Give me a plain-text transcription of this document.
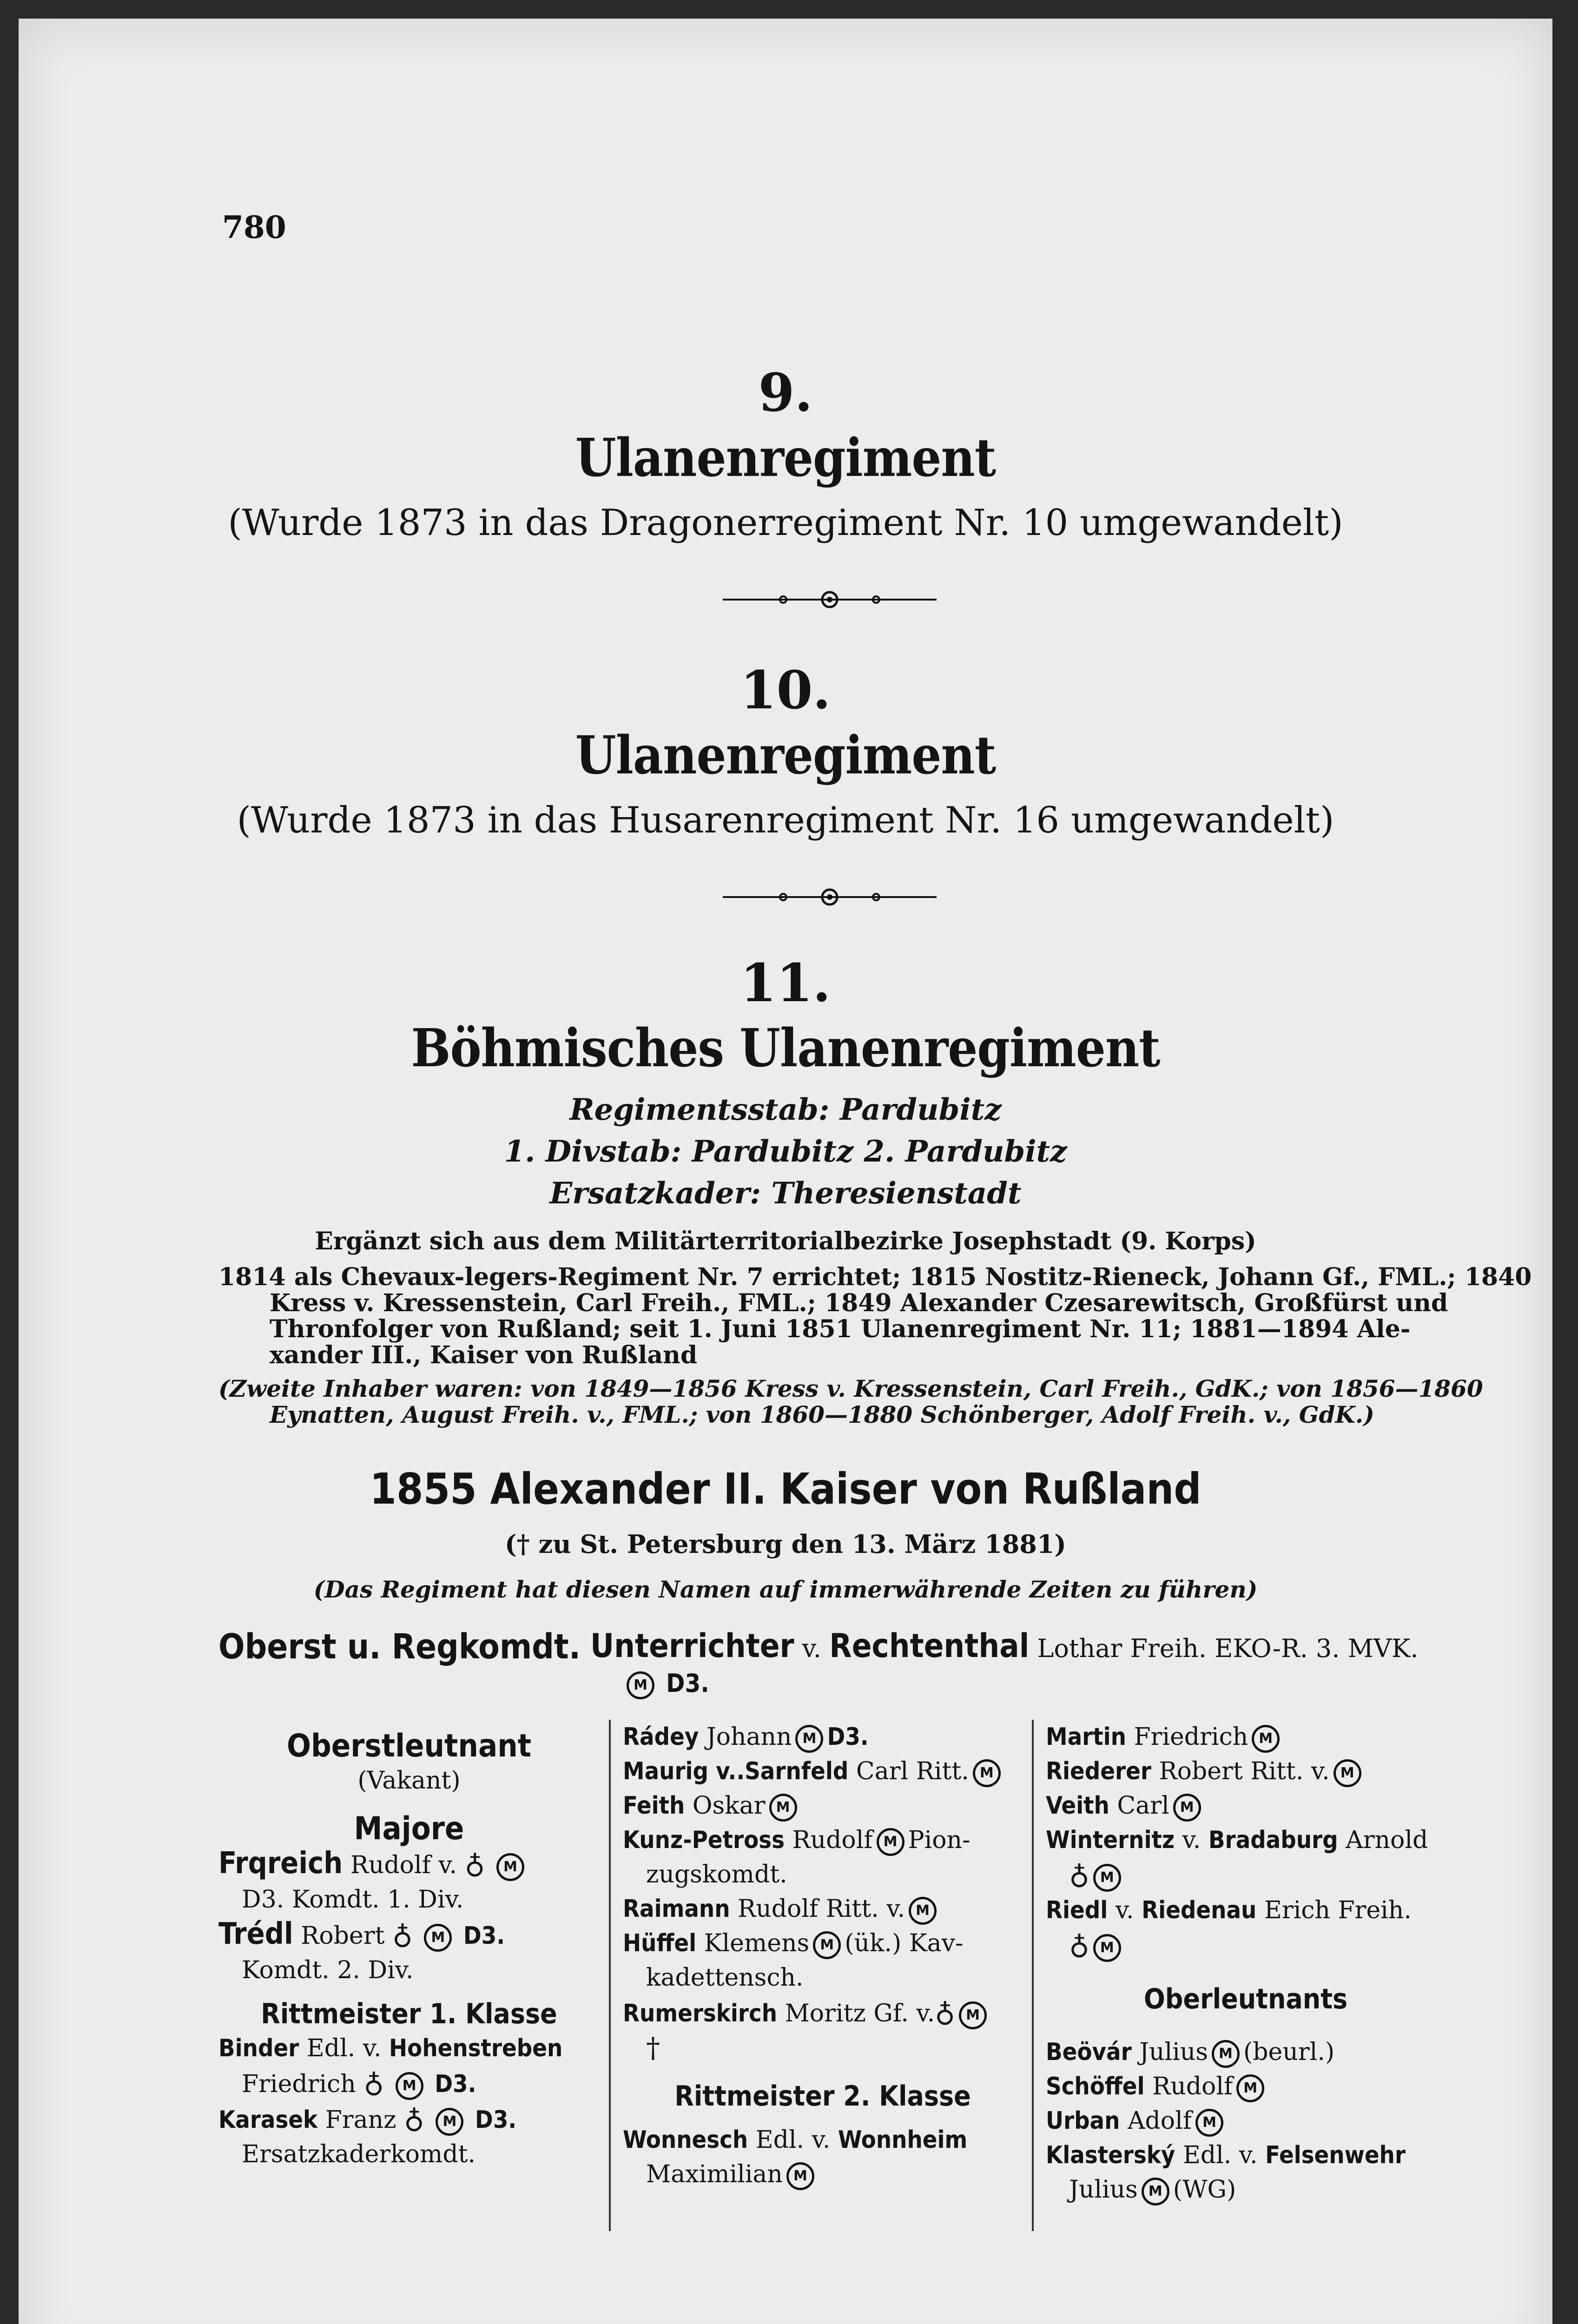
780
9.
Ulanenregiment
(Wurde 1873 in das Dragonerregiment Nr. 10 umgewandelt)
10.
Ulanenregiment
(Wurde 1873 in das Husarenregiment Nr. 16 umgewandelt)
11.
Böhmisches Ulanenregiment
Regimentsstab: Pardubitz
1. Divstab: Pardubitz 2. Pardubitz
Ersatzkader: Theresienstadt
Ergänzt sich aus dem Militärterritorialbezirke Josephstadt (9. Korps)
1814 als Chevaux-legers-Regiment Nr. 7 errichtet; 1815 Nostitz-Rieneck, Johann Gf., FML.; 1840
Kress v. Kressenstein, Carl Freih., FML.; 1849 Alexander Czesarewitsch, Großfürst und
Thronfolger von Rußland; seit 1. Juni 1851 Ulanenregiment Nr. 11; 1881—1894 Ale-
xander III., Kaiser von Rußland
(Zweite Inhaber waren: von 1849—1856 Kress v. Kressenstein, Carl Freih., GdK.; von 1856—1860
Eynatten, August Freih. v., FML.; von 1860—1880 Schönberger, Adolf Freih. v., GdK.)
1855 Alexander II. Kaiser von Rußland
(† zu St. Petersburg den 13. März 1881)
(Das Regiment hat diesen Namen auf immerwährende Zeiten zu führen)
Oberst u. Regkomdt. Unterrichter v. Rechtenthal Lothar Freih. EKO-R. 3. MVK.
M D3.
Oberstleutnant
(Vakant)
Majore
Frqreich Rudolf v. ♁ M
D3. Komdt. 1. Div.
Trédl Robert ♁ M D3.
Komdt. 2. Div.
Rittmeister 1. Klasse
Binder Edl. v. Hohenstreben
Friedrich ♁ M D3.
Karasek Franz ♁ M D3.
Ersatzkaderkomdt.
Rádey Johann M D3.
Maurig v..Sarnfeld Carl Ritt. M
Feith Oskar M
Kunz-Petross Rudolf M Pion-
zugskomdt.
Raimann Rudolf Ritt. v. M
Hüffel Klemens M (ük.) Kav-
kadettensch.
Rumerskirch Moritz Gf. v.♁ M
†
Rittmeister 2. Klasse
Wonnesch Edl. v. Wonnheim
Maximilian M
Martin Friedrich M
Riederer Robert Ritt. v. M
Veith Carl M
Winternitz v. Bradaburg Arnold
♁ M
Riedl v. Riedenau Erich Freih.
♁ M
Oberleutnants
Beövár Julius M (beurl.)
Schöffel Rudolf M
Urban Adolf M
Klasterský Edl. v. Felsenwehr
Julius M (WG)
